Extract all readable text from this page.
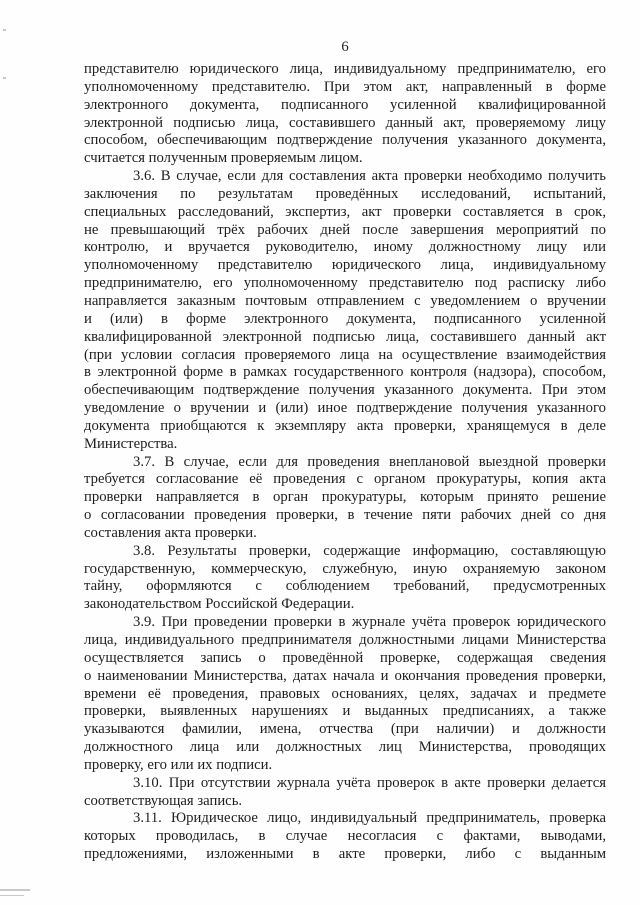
6
представителю юридического лица, индивидуальному предпринимателю, его
уполномоченному представителю. При этом акт, направленный в форме
электронного документа, подписанного усиленной квалифицированной
электронной подписью лица, составившего данный акт, проверяемому лицу
способом, обеспечивающим подтверждение получения указанного документа,
считается полученным проверяемым лицом.
3.6. В случае, если для составления акта проверки необходимо получить
заключения по результатам проведённых исследований, испытаний,
специальных расследований, экспертиз, акт проверки составляется в срок,
не превышающий трёх рабочих дней после завершения мероприятий по
контролю, и вручается руководителю, иному должностному лицу или
уполномоченному представителю юридического лица, индивидуальному
предпринимателю, его уполномоченному представителю под расписку либо
направляется заказным почтовым отправлением с уведомлением о вручении
и (или) в форме электронного документа, подписанного усиленной
квалифицированной электронной подписью лица, составившего данный акт
(при условии согласия проверяемого лица на осуществление взаимодействия
в электронной форме в рамках государственного контроля (надзора), способом,
обеспечивающим подтверждение получения указанного документа. При этом
уведомление о вручении и (или) иное подтверждение получения указанного
документа приобщаются к экземпляру акта проверки, хранящемуся в деле
Министерства.
3.7. В случае, если для проведения внеплановой выездной проверки
требуется согласование её проведения с органом прокуратуры, копия акта
проверки направляется в орган прокуратуры, которым принято решение
о согласовании проведения проверки, в течение пяти рабочих дней со дня
составления акта проверки.
3.8. Результаты проверки, содержащие информацию, составляющую
государственную, коммерческую, служебную, иную охраняемую законом
тайну, оформляются с соблюдением требований, предусмотренных
законодательством Российской Федерации.
3.9. При проведении проверки в журнале учёта проверок юридического
лица, индивидуального предпринимателя должностными лицами Министерства
осуществляется запись о проведённой проверке, содержащая сведения
о наименовании Министерства, датах начала и окончания проведения проверки,
времени её проведения, правовых основаниях, целях, задачах и предмете
проверки, выявленных нарушениях и выданных предписаниях, а также
указываются фамилии, имена, отчества (при наличии) и должности
должностного лица или должностных лиц Министерства, проводящих
проверку, его или их подписи.
3.10. При отсутствии журнала учёта проверок в акте проверки делается
соответствующая запись.
3.11. Юридическое лицо, индивидуальный предприниматель, проверка
которых проводилась, в случае несогласия с фактами, выводами,
предложениями, изложенными в акте проверки, либо с выданным
